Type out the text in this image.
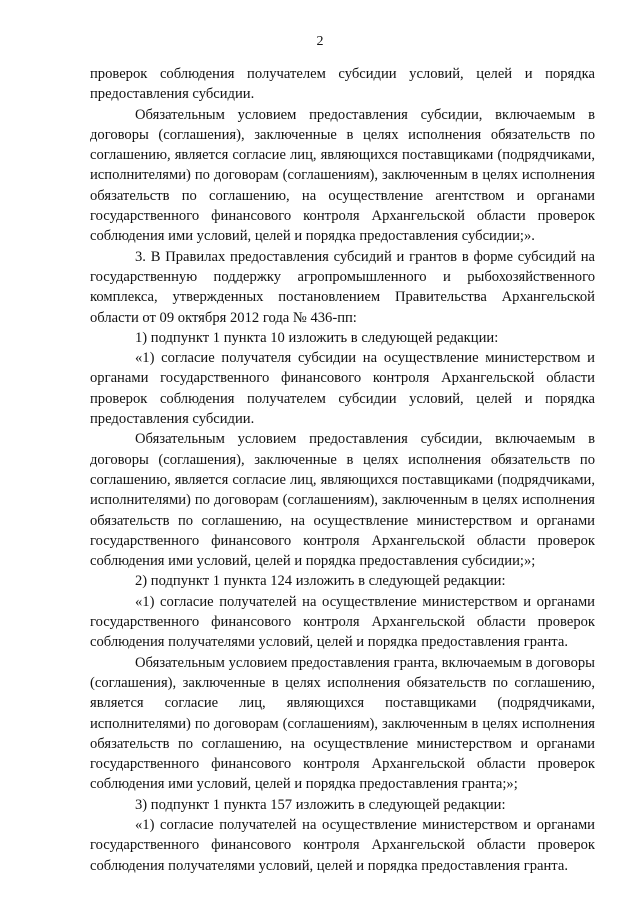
2

проверок соблюдения получателем субсидии условий, целей и порядка предоставления субсидии.

Обязательным условием предоставления субсидии, включаемым в договоры (соглашения), заключенные в целях исполнения обязательств по соглашению, является согласие лиц, являющихся поставщиками (подрядчиками, исполнителями) по договорам (соглашениям), заключенным в целях исполнения обязательств по соглашению, на осуществление агентством и органами государственного финансового контроля Архангельской области проверок соблюдения ими условий, целей и порядка предоставления субсидии;».

3. В Правилах предоставления субсидий и грантов в форме субсидий на государственную поддержку агропромышленного и рыбохозяйственного комплекса, утвержденных постановлением Правительства Архангельской области от 09 октября 2012 года № 436-пп:

1) подпункт 1 пункта 10 изложить в следующей редакции:

«1) согласие получателя субсидии на осуществление министерством и органами государственного финансового контроля Архангельской области проверок соблюдения получателем субсидии условий, целей и порядка предоставления субсидии.

Обязательным условием предоставления субсидии, включаемым в договоры (соглашения), заключенные в целях исполнения обязательств по соглашению, является согласие лиц, являющихся поставщиками (подрядчиками, исполнителями) по договорам (соглашениям), заключенным в целях исполнения обязательств по соглашению, на осуществление министерством и органами государственного финансового контроля Архангельской области проверок соблюдения ими условий, целей и порядка предоставления субсидии;»;

2) подпункт 1 пункта 124 изложить в следующей редакции:

«1) согласие получателей на осуществление министерством и органами государственного финансового контроля Архангельской области проверок соблюдения получателями условий, целей и порядка предоставления гранта.

Обязательным условием предоставления гранта, включаемым в договоры (соглашения), заключенные в целях исполнения обязательств по соглашению, является согласие лиц, являющихся поставщиками (подрядчиками, исполнителями) по договорам (соглашениям), заключенным в целях исполнения обязательств по соглашению, на осуществление министерством и органами государственного финансового контроля Архангельской области проверок соблюдения ими условий, целей и порядка предоставления гранта;»;

3) подпункт 1 пункта 157 изложить в следующей редакции:

«1) согласие получателей на осуществление министерством и органами государственного финансового контроля Архангельской области проверок соблюдения получателями условий, целей и порядка предоставления гранта.
